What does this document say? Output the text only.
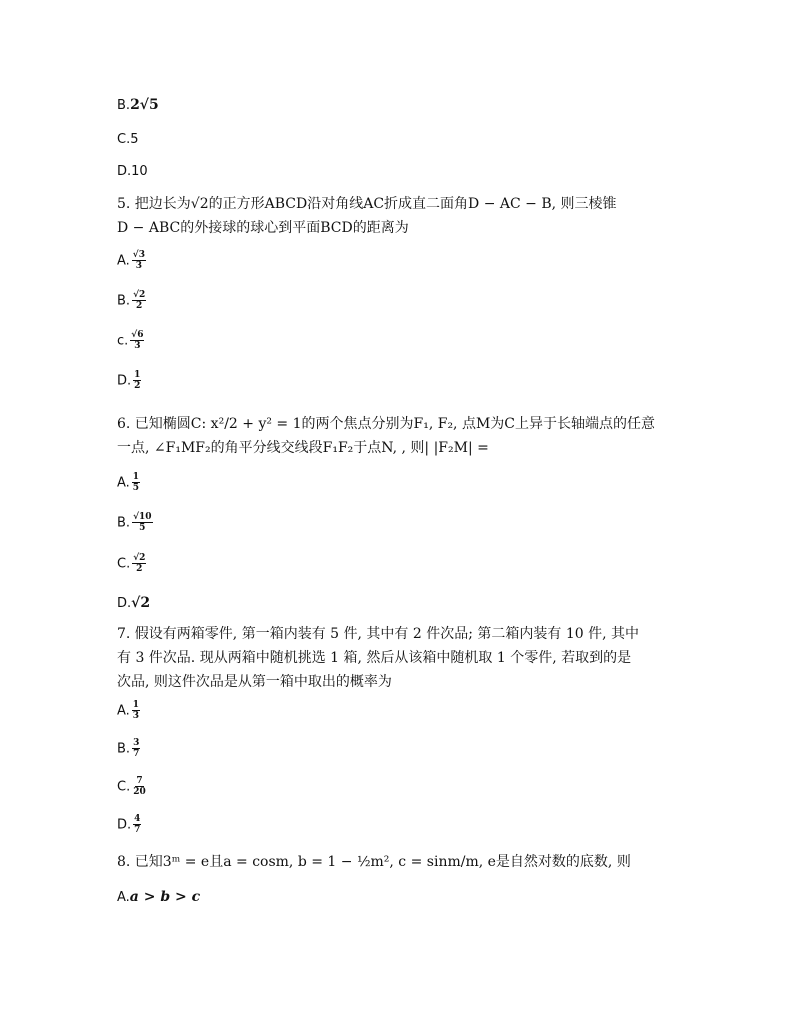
B.2√5
C.5
D.10
5. 把边长为√2的正方形ABCD沿对角线AC折成直二面角D − AC − B, 则三棱锥
D − ABC的外接球的球心到平面BCD的距离为
A. $\frac{√3}{3}$
B. $\frac{√2}{2}$
c. $\frac{√6}{3}$
D. $\frac{1}{2}$
6. 已知椭圆C: x²/2 + y² = 1的两个焦点分别为F₁, F₂, 点M为C上异于长轴端点的任意
一点, ∠F₁MF₂的角平分线交线段F₁F₂于点N, , 则| |F₂M| =
A. $\frac{1}{5}$
B. $\frac{√10}{5}$
C. $\frac{√2}{2}$
D.√2
7. 假设有两箱零件, 第一箱内装有 5 件, 其中有 2 件次品; 第二箱内装有 10 件, 其中
有 3 件次品. 现从两箱中随机挑选 1 箱, 然后从该箱中随机取 1 个零件, 若取到的是
次品, 则这件次品是从第一箱中取出的概率为
A. $\frac{1}{3}$
B. $\frac{3}{7}$
C. $\frac{7}{20}$
D. $\frac{4}{7}$
8. 已知3ᵐ = e且a = cosm, b = 1 − ½m², c = sinm/m, e是自然对数的底数, 则
A.a > b > c
